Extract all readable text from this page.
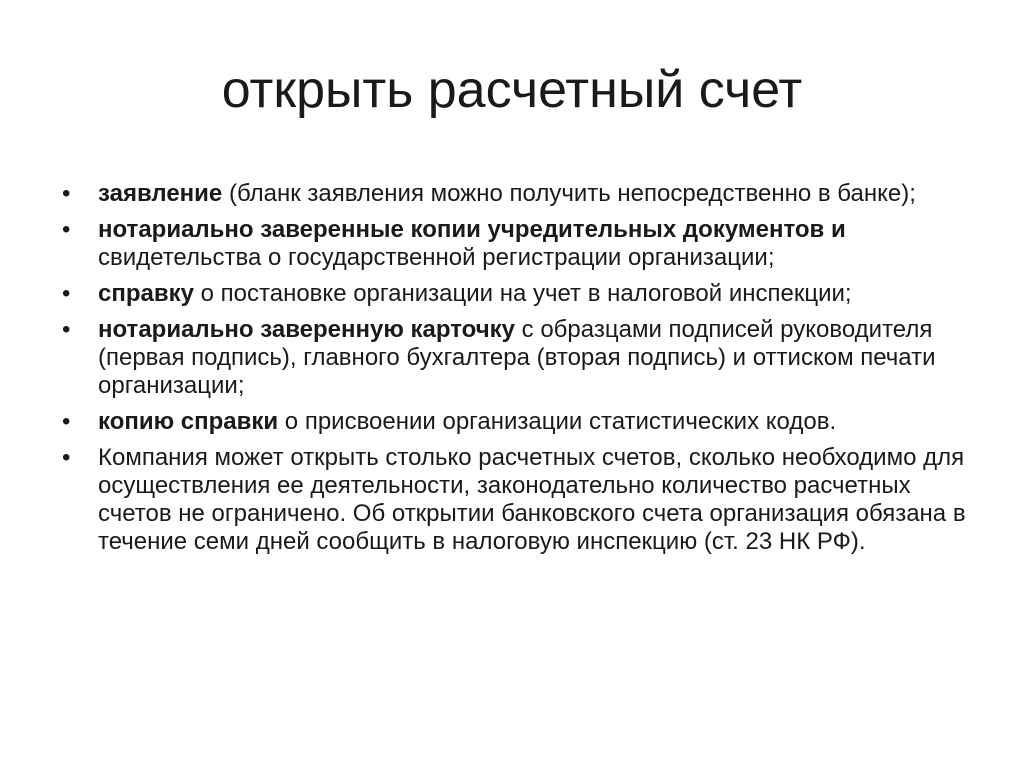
открыть расчетный счет
•	заявление (бланк заявления можно получить непосредственно в банке);
•	нотариально заверенные копии учредительных документов и свидетельства о государственной регистрации организации;
•	справку о постановке организации на учет в налоговой инспекции;
•	нотариально заверенную карточку с образцами подписей руководителя (первая подпись), главного бухгалтера (вторая подпись) и оттиском печати организации;
•	копию справки о присвоении организации статистических кодов.
•	Компания может открыть столько расчетных счетов, сколько необходимо для осуществления ее деятельности, законодательно количество расчетных счетов не ограничено. Об открытии банковского счета организация обязана в течение семи дней сообщить в налоговую инспекцию (ст. 23 НК РФ).
